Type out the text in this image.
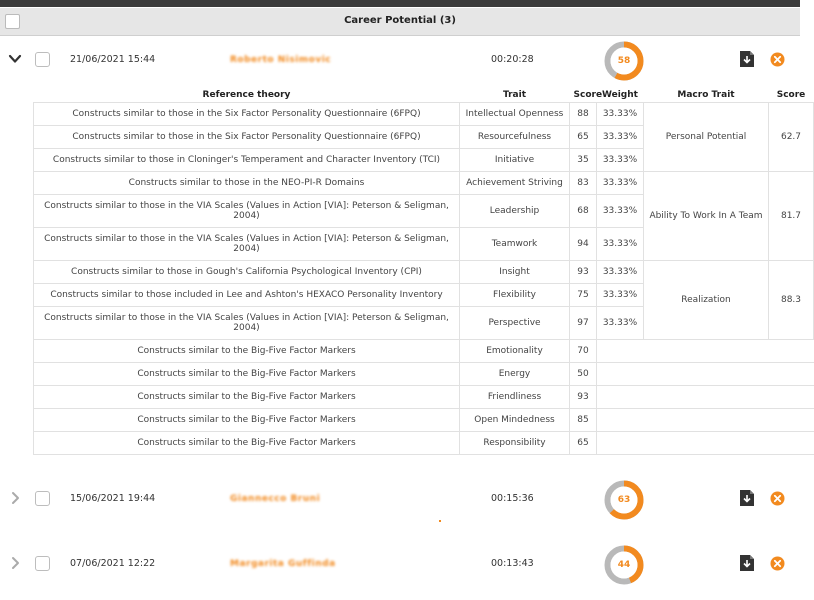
Career Potential (3)
21/06/2021 15:44	Roberto Nisimovic	00:20:28	58
Reference theory	Trait	Score	Weight	Macro Trait	Score
Constructs similar to those in the Six Factor Personality Questionnaire (6FPQ)	Intellectual Openness	88	33.33%	Personal Potential	62.7
Constructs similar to those in the Six Factor Personality Questionnaire (6FPQ)	Resourcefulness	65	33.33%		
Constructs similar to those in Cloninger's Temperament and Character Inventory (TCI)	Initiative	35	33.33%		
Constructs similar to those in the NEO-PI-R Domains	Achievement Striving	83	33.33%	Ability To Work In A Team	81.7
Constructs similar to those in the VIA Scales (Values in Action [VIA]: Peterson & Seligman, 2004)	Leadership	68	33.33%		
Constructs similar to those in the VIA Scales (Values in Action [VIA]: Peterson & Seligman, 2004)	Teamwork	94	33.33%		
Constructs similar to those in Gough's California Psychological Inventory (CPI)	Insight	93	33.33%	Realization	88.3
Constructs similar to those included in Lee and Ashton's HEXACO Personality Inventory	Flexibility	75	33.33%		
Constructs similar to those in the VIA Scales (Values in Action [VIA]: Peterson & Seligman, 2004)	Perspective	97	33.33%		
Constructs similar to the Big-Five Factor Markers	Emotionality	70			
Constructs similar to the Big-Five Factor Markers	Energy	50			
Constructs similar to the Big-Five Factor Markers	Friendliness	93			
Constructs similar to the Big-Five Factor Markers	Open Mindedness	85			
Constructs similar to the Big-Five Factor Markers	Responsibility	65			
15/06/2021 19:44	Giannecco Bruni	00:15:36	63
07/06/2021 12:22	Margarita Guffinda	00:13:43	44
